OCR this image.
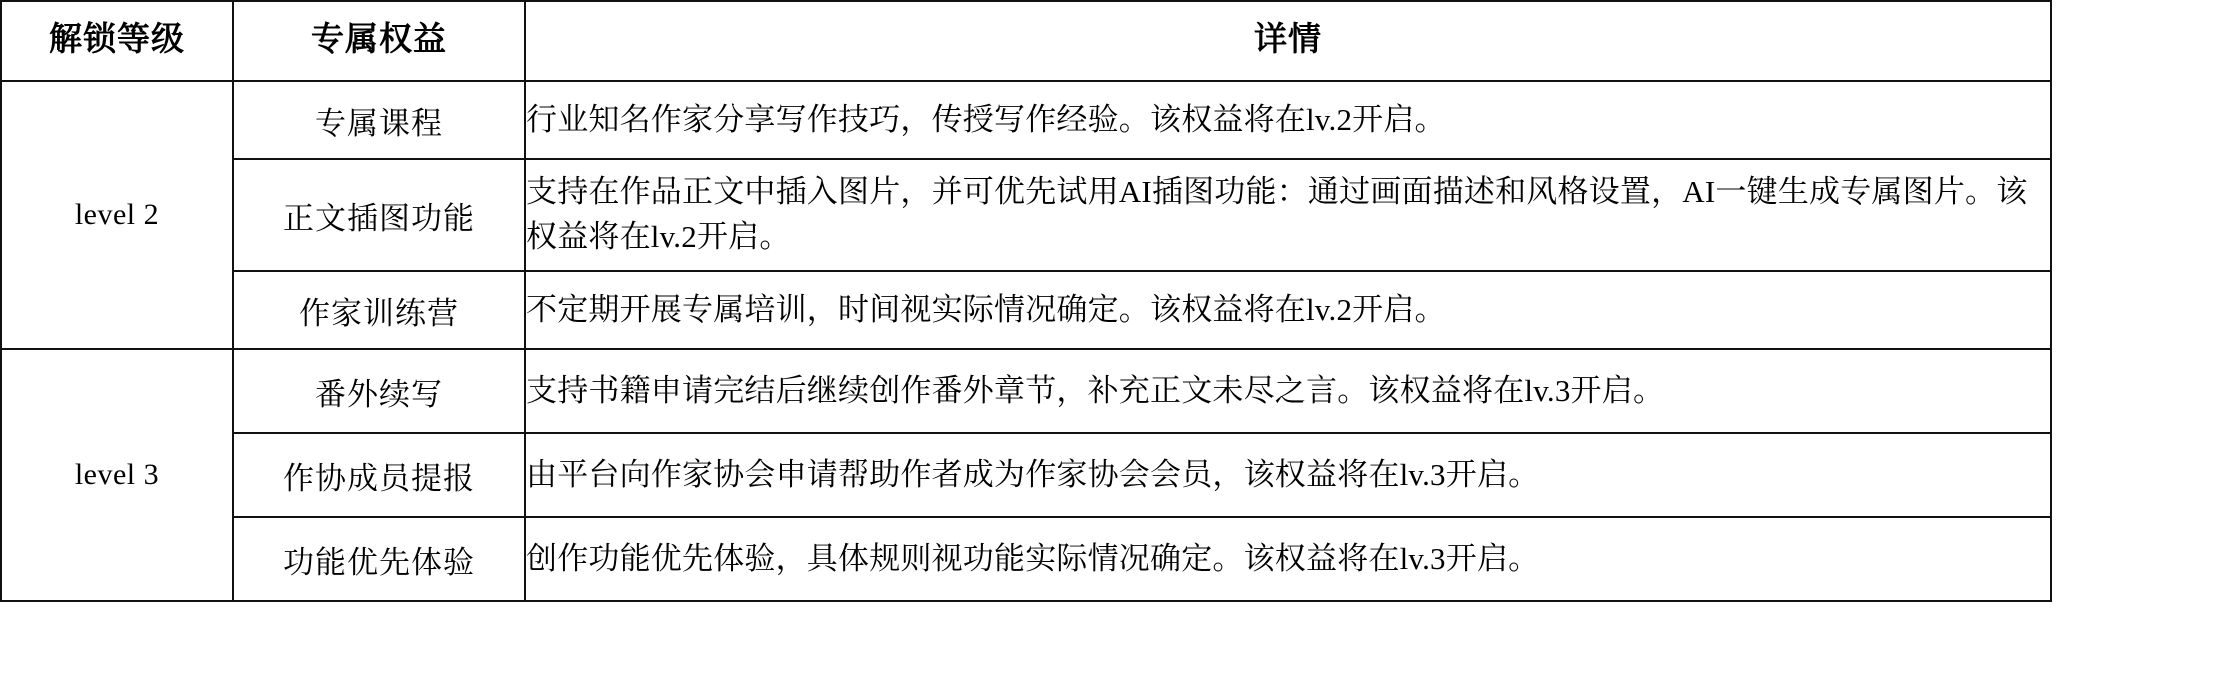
解锁等级	专属权益	详情
level 2	专属课程	行业知名作家分享写作技巧，传授写作经验。该权益将在lv.2开启。
	正文插图功能	支持在作品正文中插入图片，并可优先试用AI插图功能：通过画面描述和风格设置，AI一键生成专属图片。该权益将在lv.2开启。
	作家训练营	不定期开展专属培训，时间视实际情况确定。该权益将在lv.2开启。
level 3	番外续写	支持书籍申请完结后继续创作番外章节，补充正文未尽之言。该权益将在lv.3开启。
	作协成员提报	由平台向作家协会申请帮助作者成为作家协会会员，该权益将在lv.3开启。
	功能优先体验	创作功能优先体验，具体规则视功能实际情况确定。该权益将在lv.3开启。
